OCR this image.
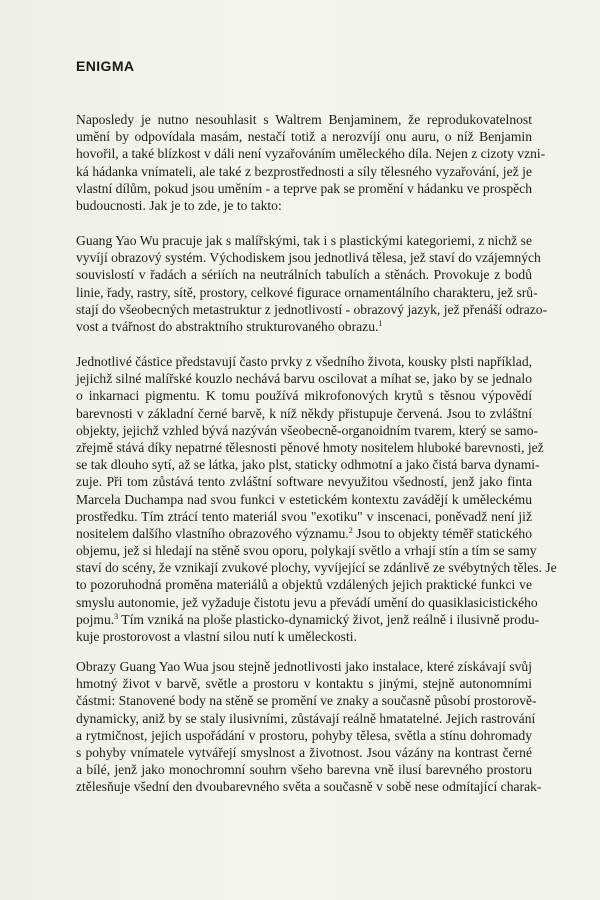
ENIGMA
Naposledy je nutno nesouhlasit s Waltrem Benjaminem, že reprodukovatelnost
umění by odpovídala masám, nestačí totiž a nerozvíjí onu auru, o níž Benjamin
hovořil, a také blízkost v dáli není vyzařováním uměleckého díla. Nejen z cizoty vzni-
ká hádanka vnímateli, ale také z bezprostřednosti a síly tělesného vyzařování, jež je
vlastní dílům, pokud jsou uměním - a teprve pak se promění v hádanku ve prospěch
budoucnosti. Jak je to zde, je to takto:
Guang Yao Wu pracuje jak s malířskými, tak i s plastickými kategoriemi, z nichž se
vyvíjí obrazový systém. Východiskem jsou jednotlivá tělesa, jež staví do vzájemných
souvislostí v řadách a sériích na neutrálních tabulích a stěnách. Provokuje z bodů
linie, řady, rastry, sítě, prostory, celkové figurace ornamentálního charakteru, jež srů-
stají do všeobecných metastruktur z jednotlivostí - obrazový jazyk, jež přenáší odrazo-
vost a tvářnost do abstraktního strukturovaného obrazu.$^1$
Jednotlivé částice představují často prvky z všedního života, kousky plsti například,
jejichž silné malířské kouzlo nechává barvu oscilovat a míhat se, jako by se jednalo
o inkarnaci pigmentu. K tomu používá mikrofonových krytů s těsnou výpovědí
barevnosti v základní černé barvě, k níž někdy přistupuje červená. Jsou to zvláštní
objekty, jejichž vzhled bývá nazýván všeobecně-organoidním tvarem, který se samo-
zřejmě stává díky nepatrné tělesnosti pěnové hmoty nositelem hluboké barevnosti, jež
se tak dlouho sytí, až se látka, jako plst, staticky odhmotní a jako čistá barva dynami-
zuje. Při tom zůstává tento zvláštní software nevyužitou všedností, jenž jako finta
Marcela Duchampa nad svou funkci v estetickém kontextu zavádějí k uměleckému
prostředku. Tím ztrácí tento materiál svou "exotiku" v inscenaci, poněvadž není již
nositelem dalšího vlastního obrazového významu.$^2$ Jsou to objekty téměř statického
objemu, jež si hledají na stěně svou oporu, polykají světlo a vrhají stín a tím se samy
staví do scény, že vznikají zvukové plochy, vyvíjející se zdánlivě ze svébytných těles. Je
to pozoruhodná proměna materiálů a objektů vzdálených jejich praktické funkci ve
smyslu autonomie, jež vyžaduje čistotu jevu a převádí umění do quasiklasicistického
pojmu.$^3$ Tím vzniká na ploše plasticko-dynamický život, jenž reálně i ilusivně produ-
kuje prostorovost a vlastní silou nutí k uměleckosti.
Obrazy Guang Yao Wua jsou stejně jednotlivosti jako instalace, které získávají svůj
hmotný život v barvě, světle a prostoru v kontaktu s jinými, stejně autonomními
částmi: Stanovené body na stěně se promění ve znaky a současně působí prostorově-
dynamicky, aniž by se staly ilusivními, zůstávají reálně hmatatelné. Jejich rastrování
a rytmičnost, jejich uspořádání v prostoru, pohyby tělesa, světla a stínu dohromady
s pohyby vnímatele vytvářejí smyslnost a životnost. Jsou vázány na kontrast černé
a bílé, jenž jako monochromní souhrn všeho barevna vně ilusí barevného prostoru
ztělesňuje všední den dvoubarevného světa a současně v sobě nese odmítající charak-
